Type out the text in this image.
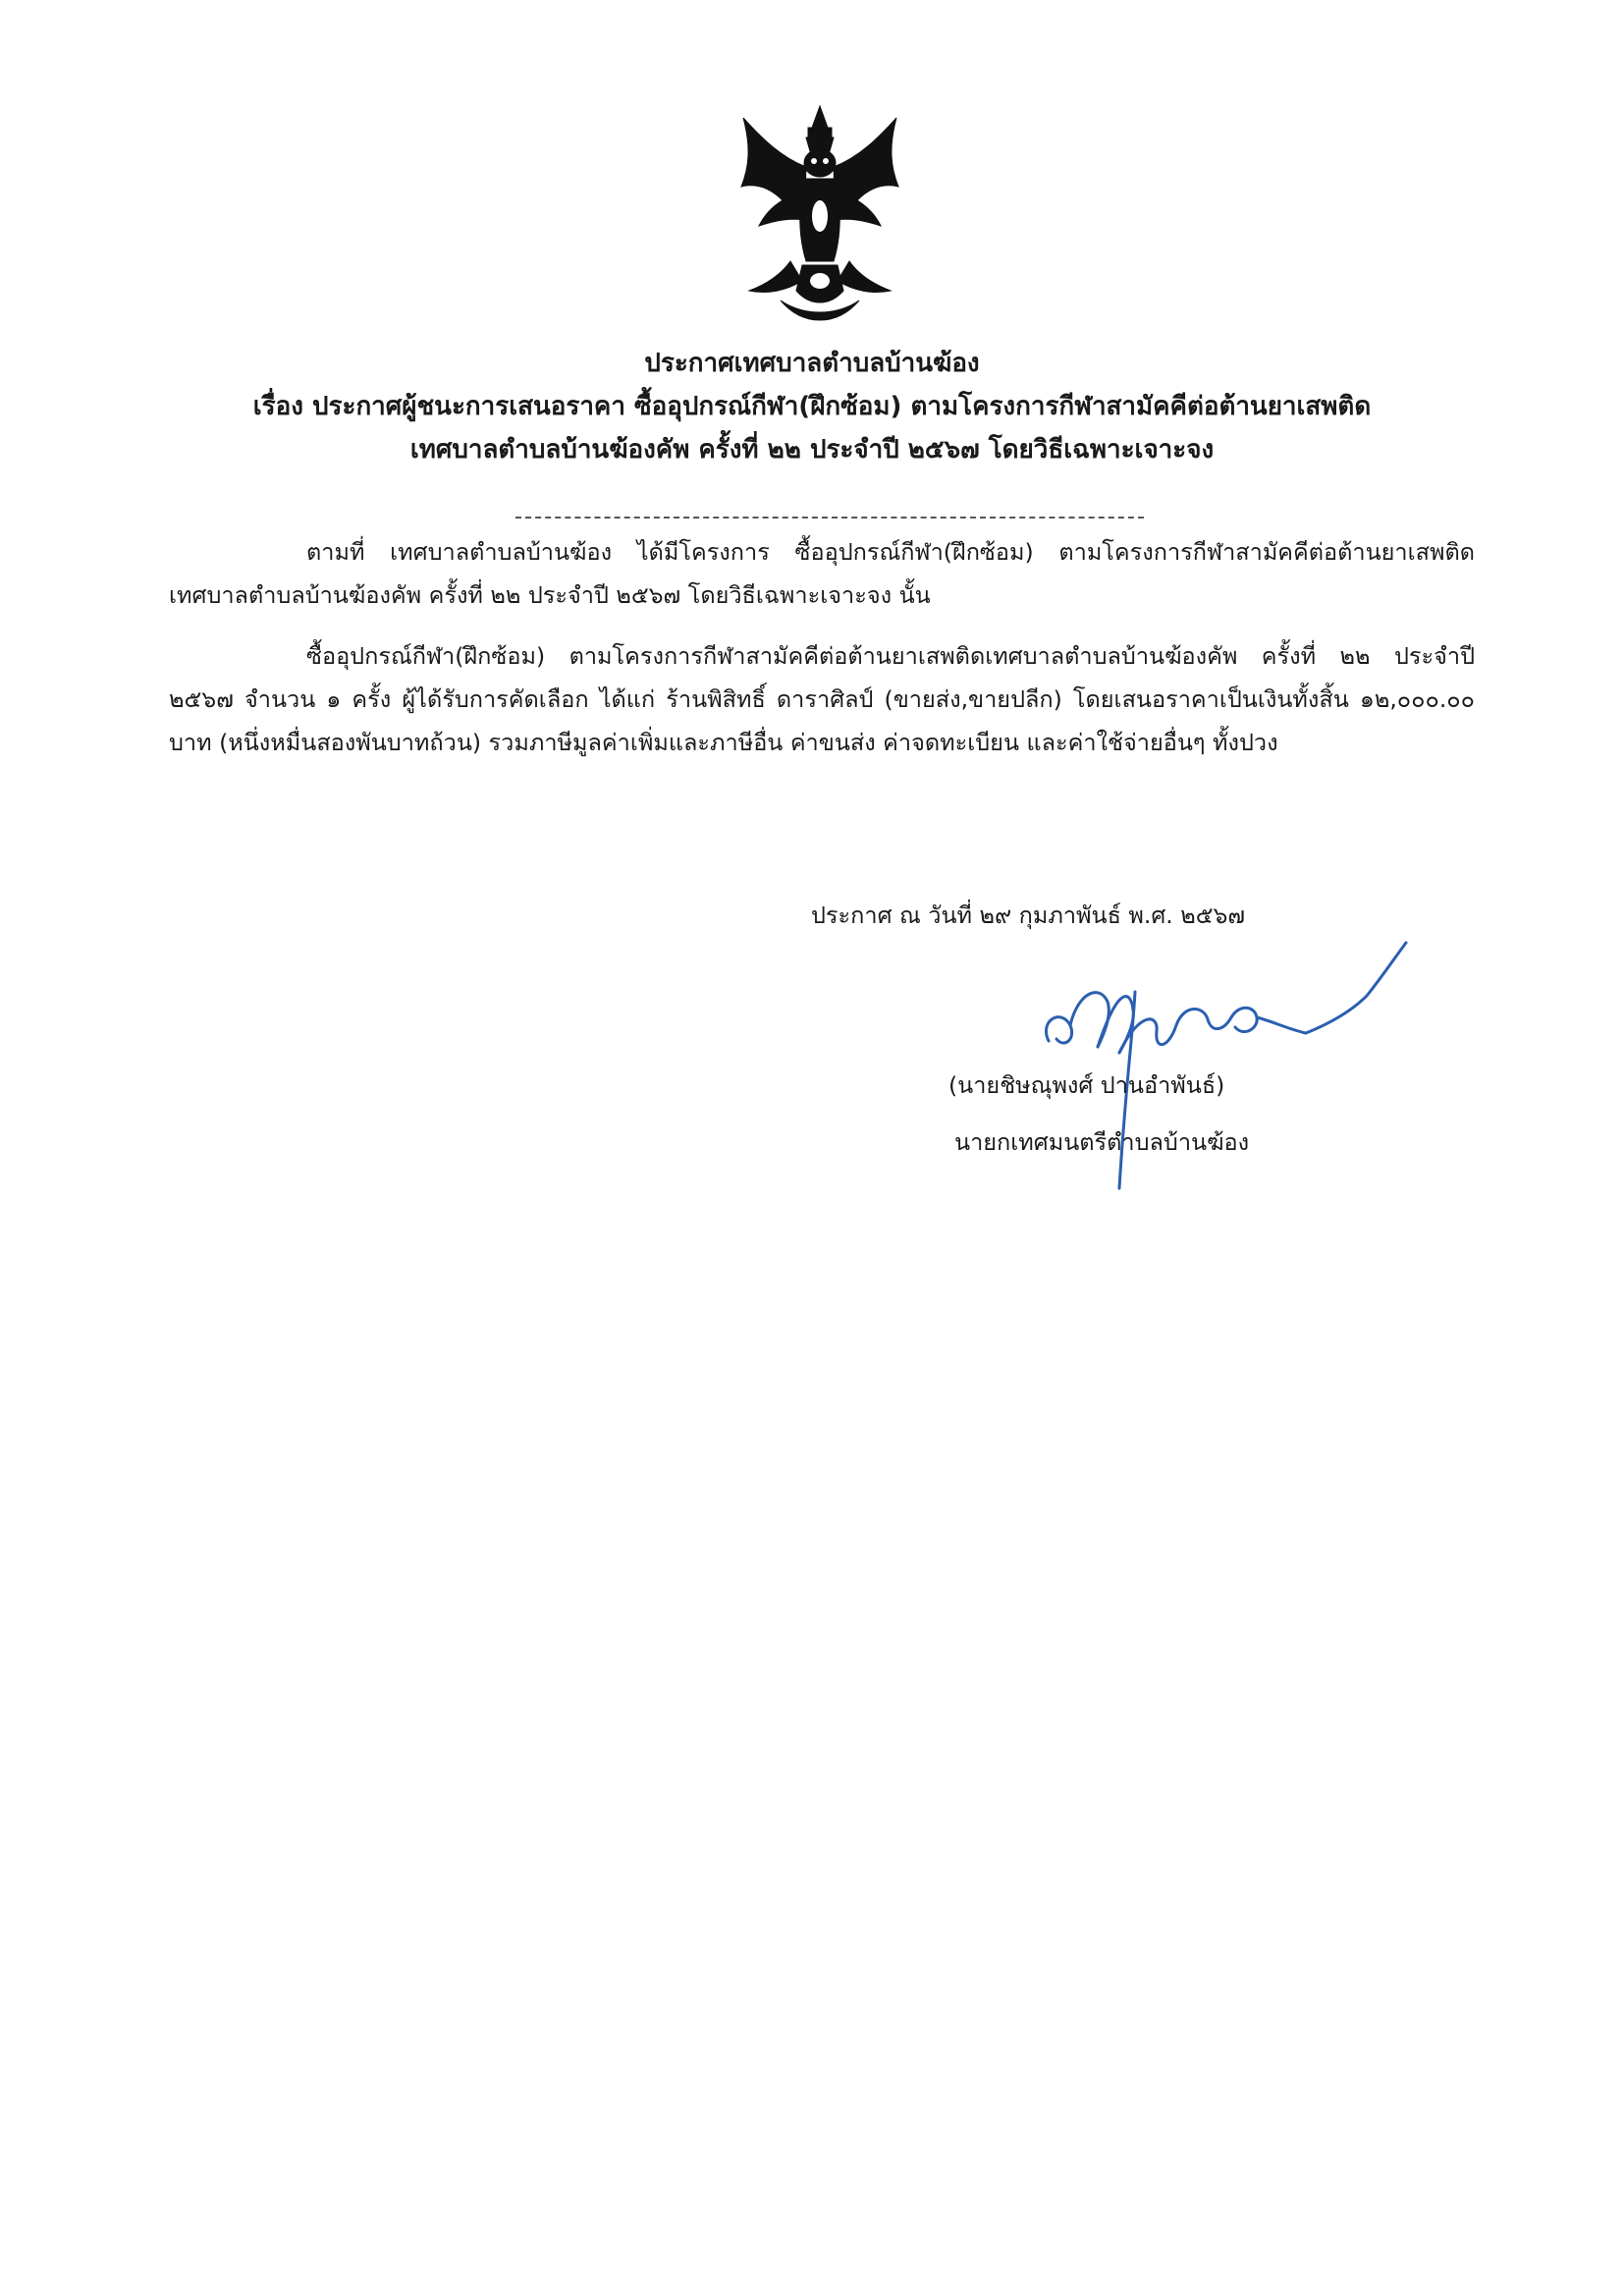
ประกาศเทศบาลตำบลบ้านฆ้อง
เรื่อง ประกาศผู้ชนะการเสนอราคา ซื้ออุปกรณ์กีฬา(ฝึกซ้อม) ตามโครงการกีฬาสามัคคีต่อต้านยาเสพติด
เทศบาลตำบลบ้านฆ้องคัพ ครั้งที่ ๒๒ ประจำปี ๒๕๖๗ โดยวิธีเฉพาะเจาะจง
ตามที่ เทศบาลตำบลบ้านฆ้อง ได้มีโครงการ ซื้ออุปกรณ์กีฬา(ฝึกซ้อม) ตามโครงการกีฬาสามัคคีต่อต้านยาเสพติดเทศบาลตำบลบ้านฆ้องคัพ ครั้งที่ ๒๒ ประจำปี ๒๕๖๗ โดยวิธีเฉพาะเจาะจง นั้น
ซื้ออุปกรณ์กีฬา(ฝึกซ้อม) ตามโครงการกีฬาสามัคคีต่อต้านยาเสพติดเทศบาลตำบลบ้านฆ้องคัพ ครั้งที่ ๒๒ ประจำปี ๒๕๖๗ จำนวน ๑ ครั้ง ผู้ได้รับการคัดเลือก ได้แก่ ร้านพิสิทธิ์ ดาราศิลป์ (ขายส่ง,ขายปลีก) โดยเสนอราคาเป็นเงินทั้งสิ้น ๑๒,๐๐๐.๐๐ บาท (หนึ่งหมื่นสองพันบาทถ้วน) รวมภาษีมูลค่าเพิ่มและภาษีอื่น ค่าขนส่ง ค่าจดทะเบียน และค่าใช้จ่ายอื่นๆ ทั้งปวง
ประกาศ ณ วันที่ ๒๙ กุมภาพันธ์ พ.ศ. ๒๕๖๗
(นายชิษณุพงศ์ ปานอำพันธ์)
นายกเทศมนตรีตำบลบ้านฆ้อง
